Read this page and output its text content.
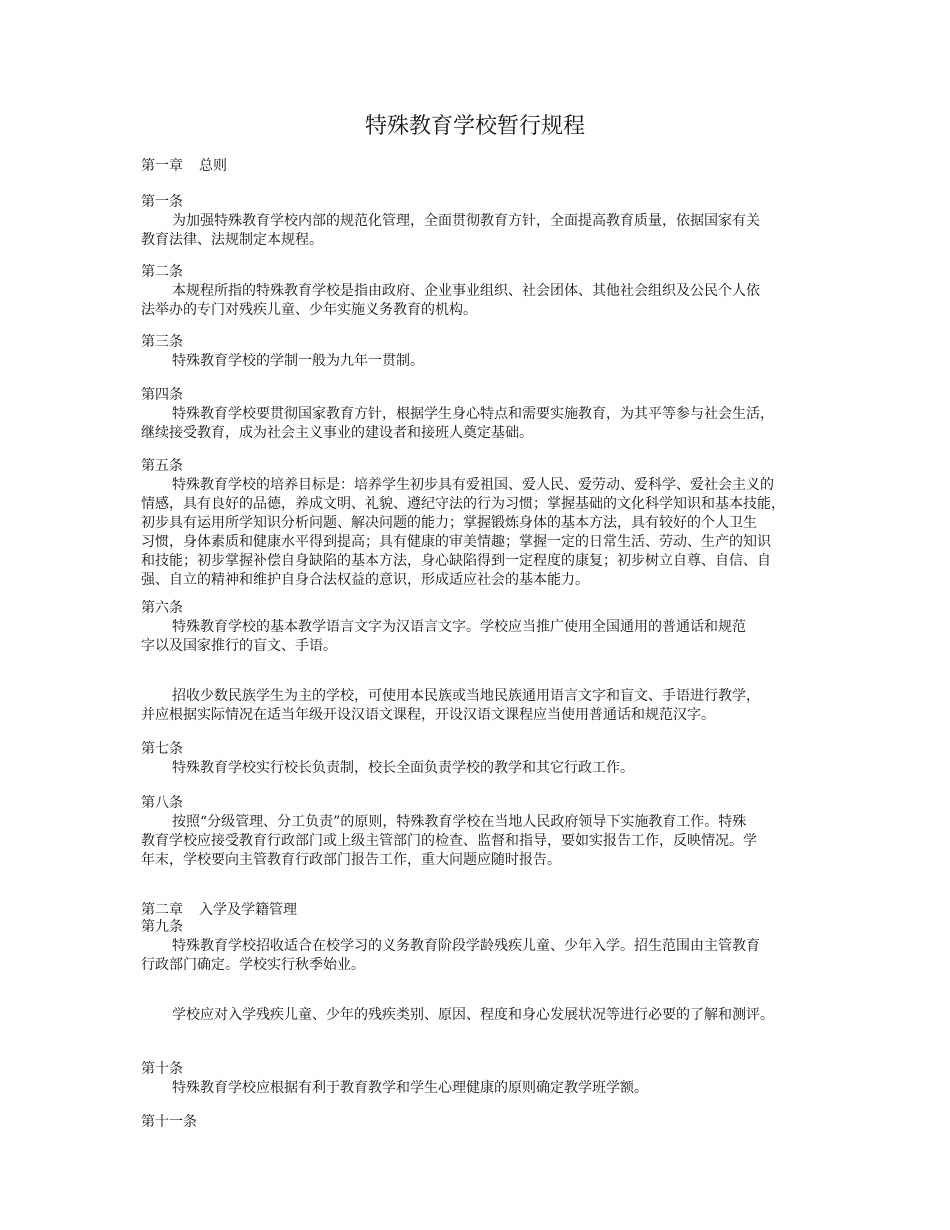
特殊教育学校暂行规程
第一章 总则
第一条
为加强特殊教育学校内部的规范化管理，全面贯彻教育方针，全面提高教育质量，依据国家有关
教育法律、法规制定本规程。
第二条
本规程所指的特殊教育学校是指由政府、企业事业组织、社会团体、其他社会组织及公民个人依
法举办的专门对残疾儿童、少年实施义务教育的机构。
第三条
特殊教育学校的学制一般为九年一贯制。
第四条
特殊教育学校要贯彻国家教育方针，根据学生身心特点和需要实施教育，为其平等参与社会生活，
继续接受教育，成为社会主义事业的建设者和接班人奠定基础。
第五条
特殊教育学校的培养目标是：培养学生初步具有爱祖国、爱人民、爱劳动、爱科学、爱社会主义的
情感，具有良好的品德，养成文明、礼貌、遵纪守法的行为习惯；掌握基础的文化科学知识和基本技能，
初步具有运用所学知识分析问题、解决问题的能力；掌握锻炼身体的基本方法，具有较好的个人卫生
习惯，身体素质和健康水平得到提高；具有健康的审美情趣；掌握一定的日常生活、劳动、生产的知识
和技能；初步掌握补偿自身缺陷的基本方法，身心缺陷得到一定程度的康复；初步树立自尊、自信、自
强、自立的精神和维护自身合法权益的意识，形成适应社会的基本能力。
第六条
特殊教育学校的基本教学语言文字为汉语言文字。学校应当推广使用全国通用的普通话和规范
字以及国家推行的盲文、手语。
招收少数民族学生为主的学校，可使用本民族或当地民族通用语言文字和盲文、手语进行教学，
并应根据实际情况在适当年级开设汉语文课程，开设汉语文课程应当使用普通话和规范汉字。
第七条
特殊教育学校实行校长负责制，校长全面负责学校的教学和其它行政工作。
第八条
按照“分级管理、分工负责”的原则，特殊教育学校在当地人民政府领导下实施教育工作。特殊
教育学校应接受教育行政部门或上级主管部门的检查、监督和指导，要如实报告工作，反映情况。学
年末，学校要向主管教育行政部门报告工作，重大问题应随时报告。
第二章 入学及学籍管理
第九条
特殊教育学校招收适合在校学习的义务教育阶段学龄残疾儿童、少年入学。招生范围由主管教育
行政部门确定。学校实行秋季始业。
学校应对入学残疾儿童、少年的残疾类别、原因、程度和身心发展状况等进行必要的了解和测评。
第十条
特殊教育学校应根据有利于教育教学和学生心理健康的原则确定教学班学额。
第十一条
